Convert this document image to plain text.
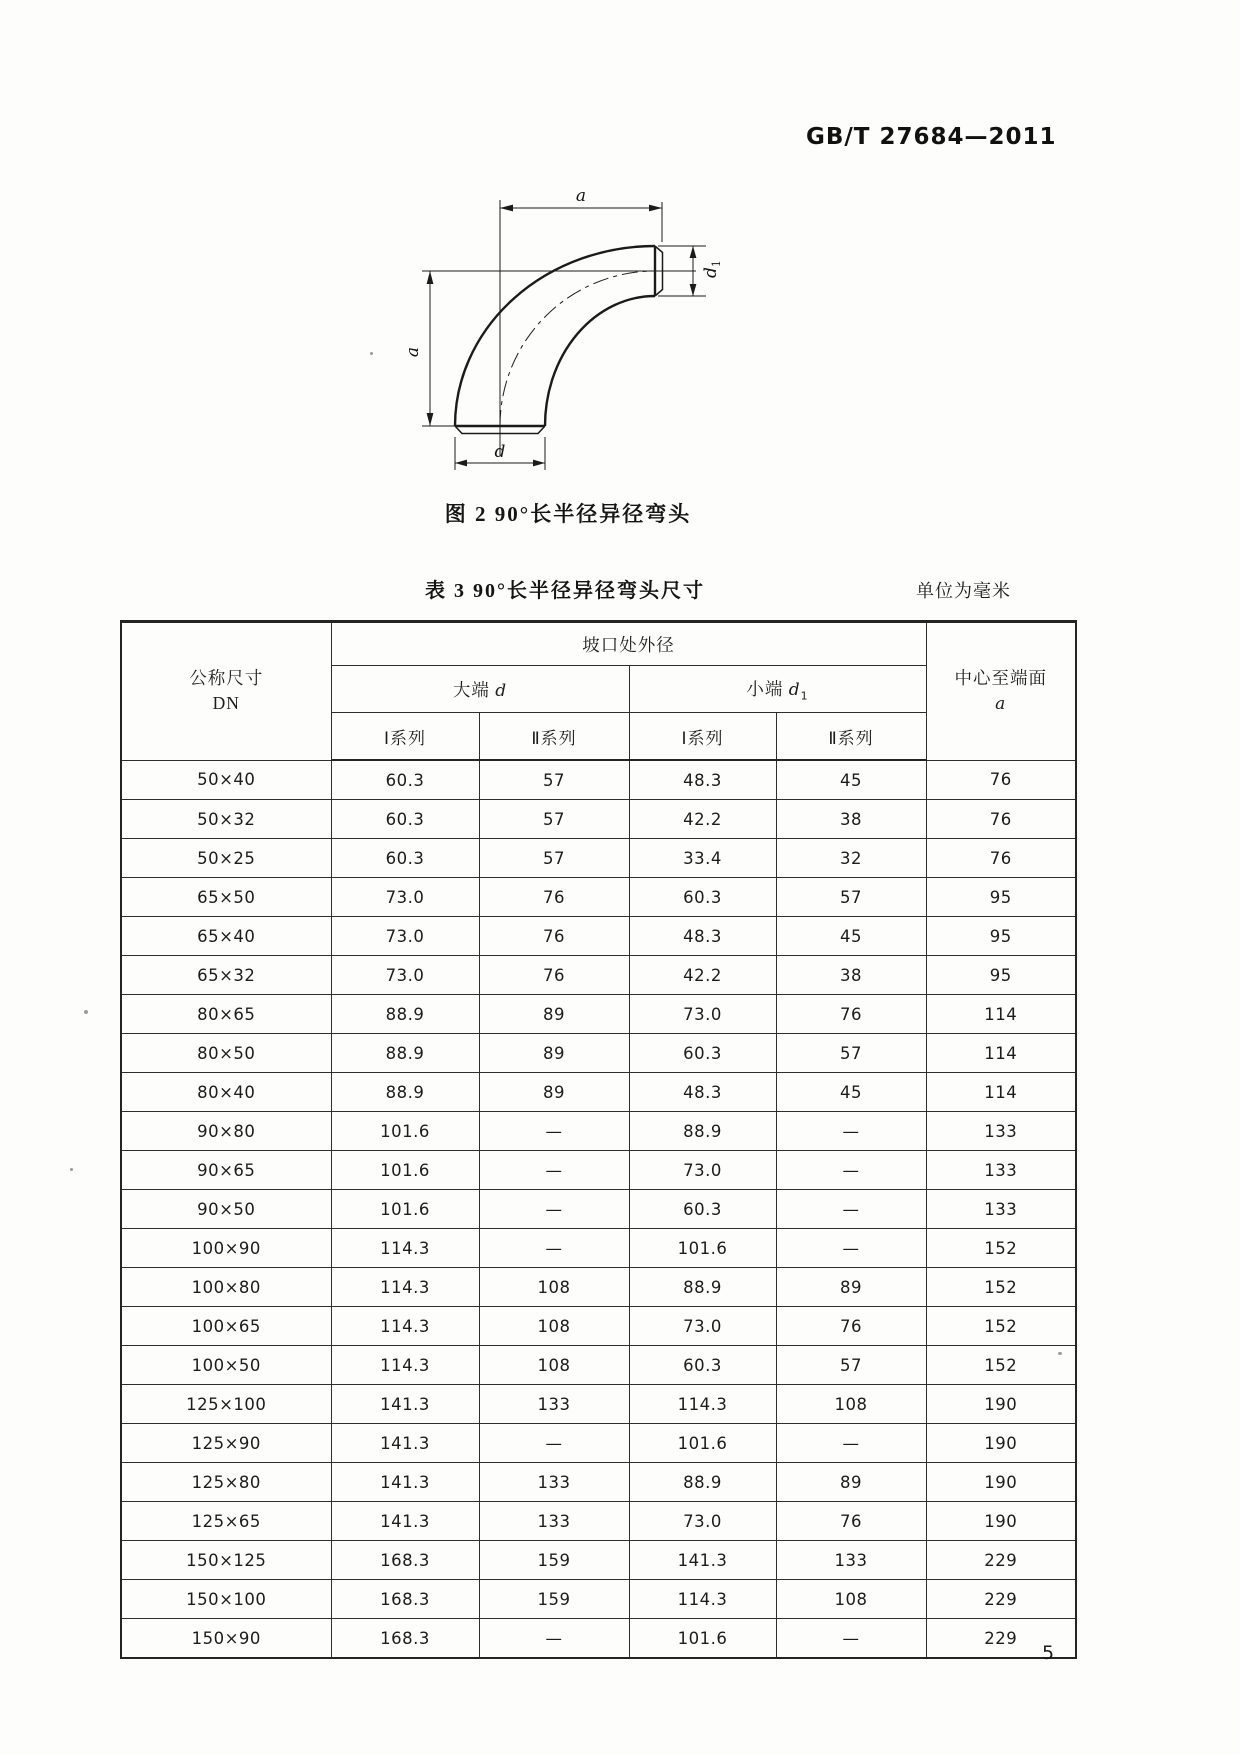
GB/T 27684—2011
a
a
$d_1$
d
图 2 90°长半径异径弯头
表 3 90°长半径异径弯头尺寸	单位为毫米
公称尺寸
DN
	坡口处外径	
中心至端面
a

	大端 d		小端 $d_1$
	Ⅰ系列	Ⅱ系列	Ⅰ系列	Ⅱ系列	
50×40	60.3	57	48.3	45	76
50×32	60.3	57	42.2	38	76
50×25	60.3	57	33.4	32	76
65×50	73.0	76	60.3	57	95
65×40	73.0	76	48.3	45	95
65×32	73.0	76	42.2	38	95
80×65	88.9	89	73.0	76	114
80×50	88.9	89	60.3	57	114
80×40	88.9	89	48.3	45	114
90×80	101.6	—	88.9	—	133
90×65	101.6	—	73.0	—	133
90×50	101.6	—	60.3	—	133
100×90	114.3	—	101.6	—	152
100×80	114.3	108	88.9	89	152
100×65	114.3	108	73.0	76	152
100×50	114.3	108	60.3	57	152
125×100	141.3	133	114.3	108	190
125×90	141.3	—	101.6	—	190
125×80	141.3	133	88.9	89	190
125×65	141.3	133	73.0	76	190
150×125	168.3	159	141.3	133	229
150×100	168.3	159	114.3	108	229
150×90	168.3	—	101.6	—	229
5
